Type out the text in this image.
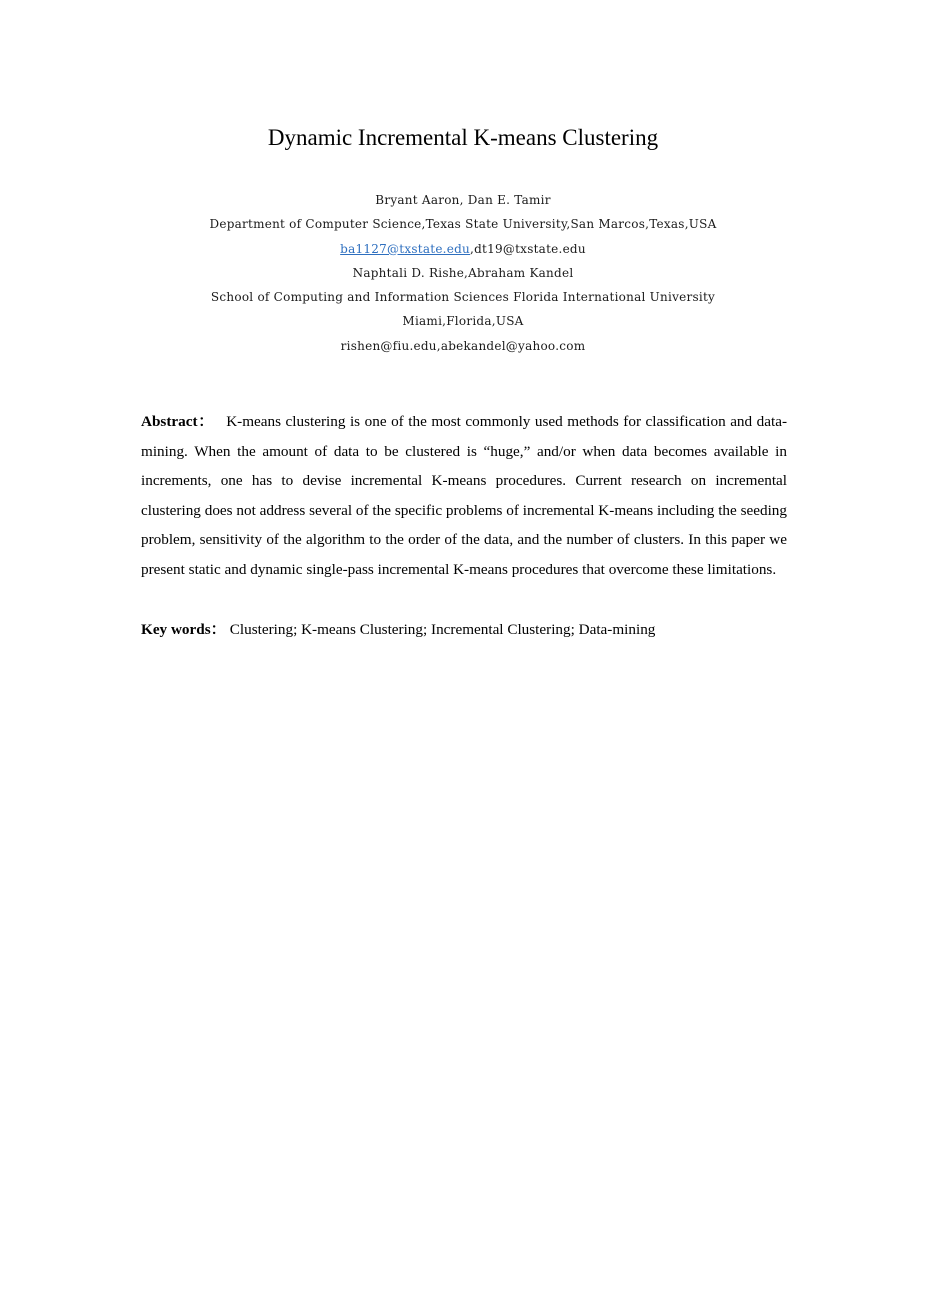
Dynamic Incremental K-means Clustering
Bryant Aaron, Dan E. Tamir
Department of Computer Science,Texas State University,San Marcos,Texas,USA
ba1127@txstate.edu,dt19@txstate.edu
Naphtali D. Rishe,Abraham Kandel
School of Computing and Information Sciences Florida International University
Miami,Florida,USA
rishen@fiu.edu,abekandel@yahoo.com
Abstract： K-means clustering is one of the most commonly used methods for classification and data-mining. When the amount of data to be clustered is “huge,” and/or when data becomes available in increments, one has to devise incremental K-means procedures. Current research on incremental clustering does not address several of the specific problems of incremental K-means including the seeding problem, sensitivity of the algorithm to the order of the data, and the number of clusters. In this paper we present static and dynamic single-pass incremental K-means procedures that overcome these limitations.
Key words： Clustering; K-means Clustering; Incremental Clustering; Data-mining
